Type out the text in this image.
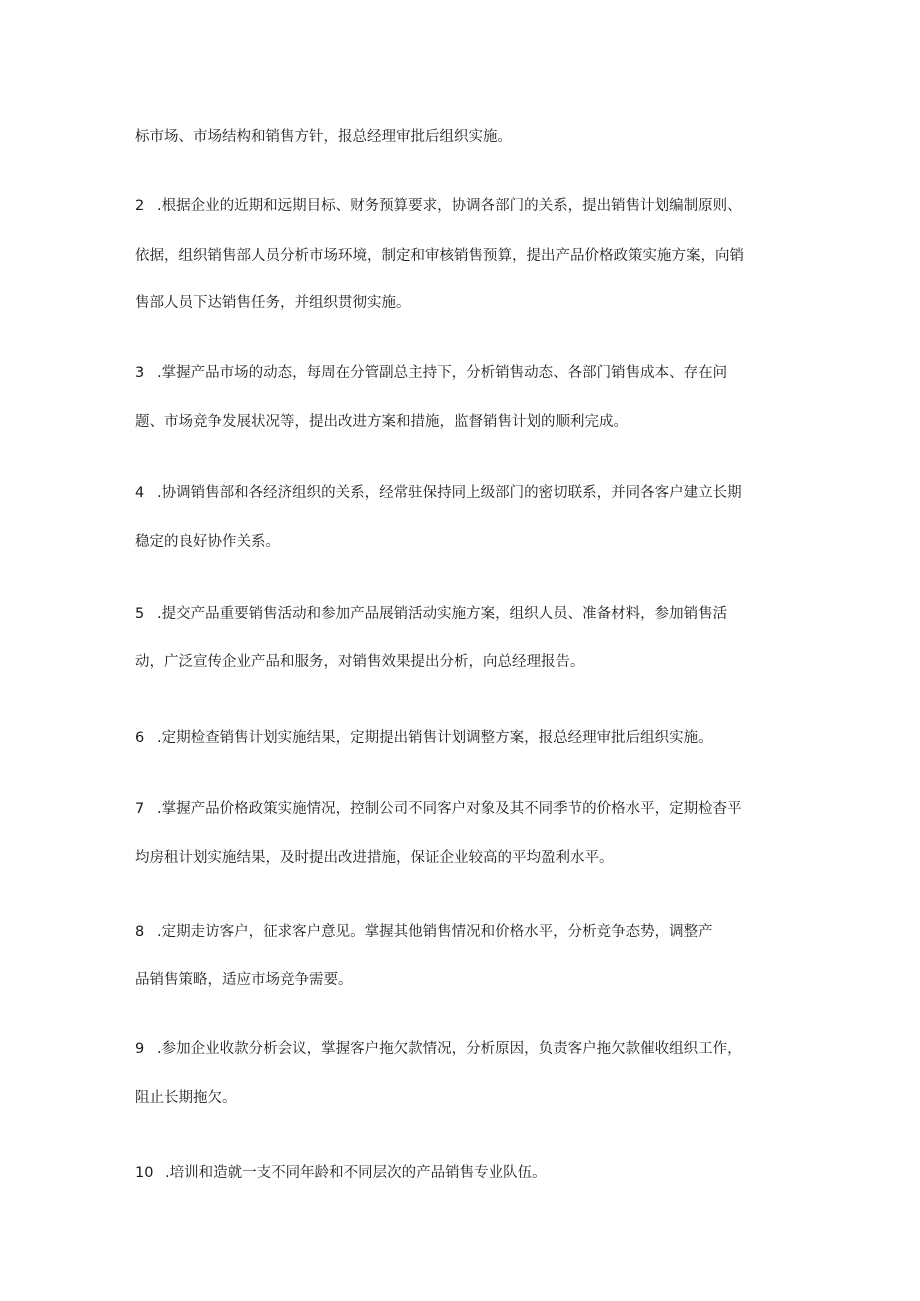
标市场、市场结构和销售方针，报总经理审批后组织实施。
2 .根据企业的近期和远期目标、财务预算要求，协调各部门的关系，提出销售计划编制原则、
依据，组织销售部人员分析市场环境，制定和审核销售预算，提出产品价格政策实施方案，向销
售部人员下达销售任务，并组织贯彻实施。
3 .掌握产品市场的动态，每周在分管副总主持下，分析销售动态、各部门销售成本、存在问
题、市场竞争发展状况等，提出改进方案和措施，监督销售计划的顺利完成。
4 .协调销售部和各经济组织的关系，经常驻保持同上级部门的密切联系，并同各客户建立长期
稳定的良好协作关系。
5 .提交产品重要销售活动和参加产品展销活动实施方案，组织人员、准备材料，参加销售活
动，广泛宣传企业产品和服务，对销售效果提出分析，向总经理报告。
6 .定期检查销售计划实施结果，定期提出销售计划调整方案，报总经理审批后组织实施。
7 .掌握产品价格政策实施情况，控制公司不同客户对象及其不同季节的价格水平，定期检杳平
均房租计划实施结果，及时提出改进措施，保证企业较高的平均盈利水平。
8 .定期走访客户，征求客户意见。掌握其他销售情况和价格水平，分析竞争态势，调整产
品销售策略，适应市场竞争需要。
9 .参加企业收款分析会议，掌握客户拖欠款情况，分析原因，负责客户拖欠款催收组织工作，
阻止长期拖欠。
10 .培训和造就一支不同年龄和不同层次的产品销售专业队伍。
